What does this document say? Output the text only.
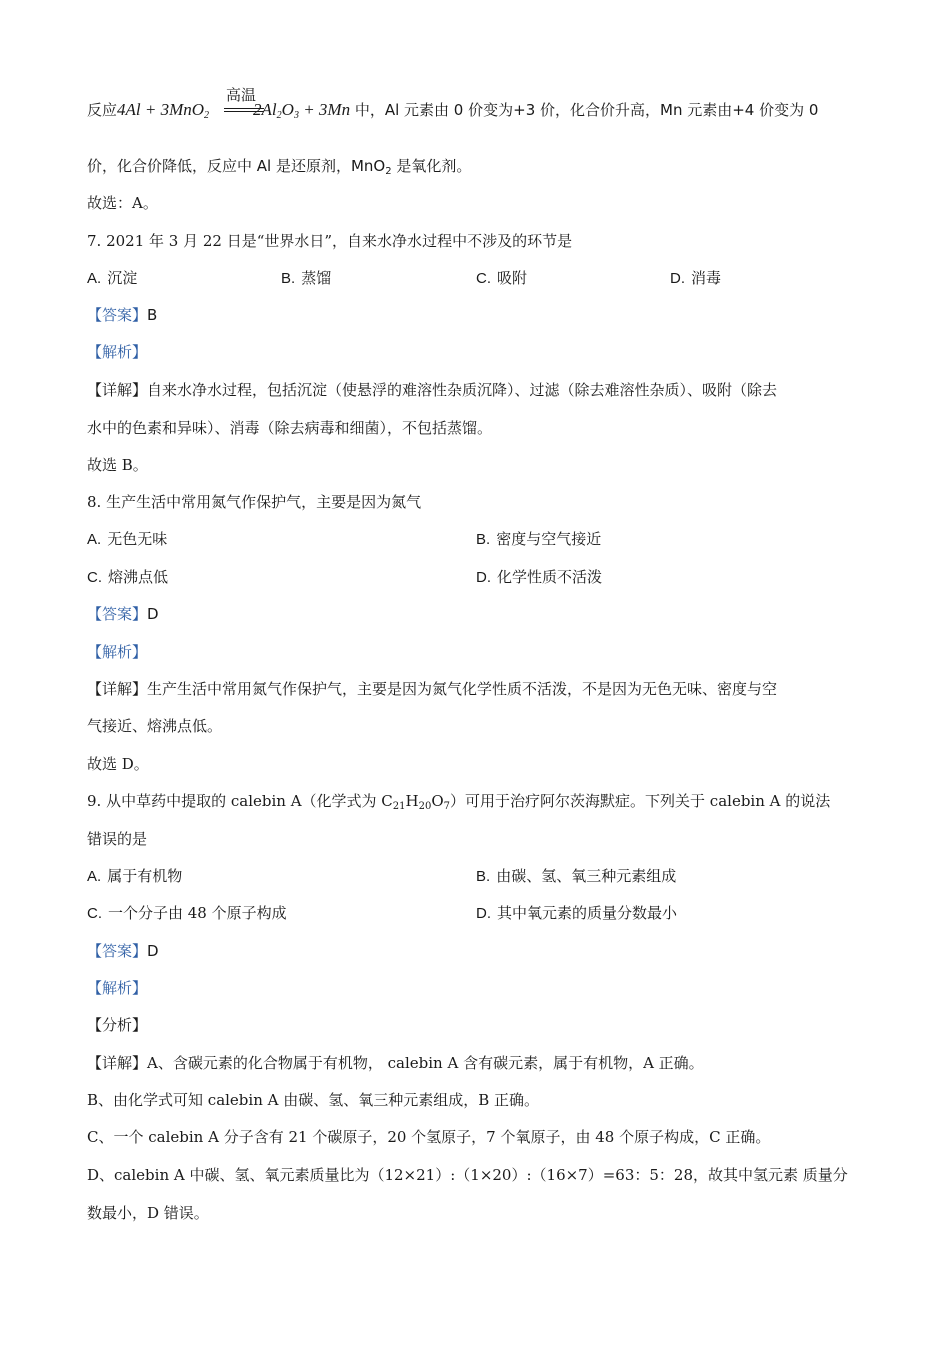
反应4Al + 3MnO$_2$	$2Al_2O_3 + 3Mn$ 中，Al 元素由 0 价变为+3 价，化合价升高，Mn 元素由+4 价变为 0
高温
价，化合价降低，反应中 Al 是还原剂，MnO$_2$ 是氧化剂。
故选：A。
7. 2021 年 3 月 22 日是“世界水日”，自来水净水过程中不涉及的环节是
A. 沉淀	B. 蒸馏	C. 吸附	D. 消毒
【答案】B
【解析】
【详解】自来水净水过程，包括沉淀（使悬浮的难溶性杂质沉降）、过滤（除去难溶性杂质）、吸附（除去
水中的色素和异味）、消毒（除去病毒和细菌），不包括蒸馏。
故选 B。
8. 生产生活中常用氮气作保护气，主要是因为氮气
A. 无色无味	B. 密度与空气接近
C. 熔沸点低	D. 化学性质不活泼
【答案】D
【解析】
【详解】生产生活中常用氮气作保护气，主要是因为氮气化学性质不活泼，不是因为无色无味、密度与空
气接近、熔沸点低。
故选 D。
9. 从中草药中提取的 calebin A（化学式为 $C_{21}H_{20}O_7$）可用于治疗阿尔茨海默症。下列关于 calebin A 的说法
错误的是
A. 属于有机物	B. 由碳、氢、氧三种元素组成
C. 一个分子由 48 个原子构成	D. 其中氧元素的质量分数最小
【答案】D
【解析】
【分析】
【详解】A、含碳元素的化合物属于有机物， calebin A 含有碳元素，属于有机物，A 正确。
B、由化学式可知 calebin A 由碳、氢、氧三种元素组成，B 正确。
C、一个 calebin A 分子含有 21 个碳原子，20 个氢原子，7 个氧原子，由 48 个原子构成，C 正确。
D、calebin A 中碳、氢、氧元素质量比为（12×21）:（1×20）:（16×7）=63：5：28，故其中氢元素 质量分
数最小，D 错误。
